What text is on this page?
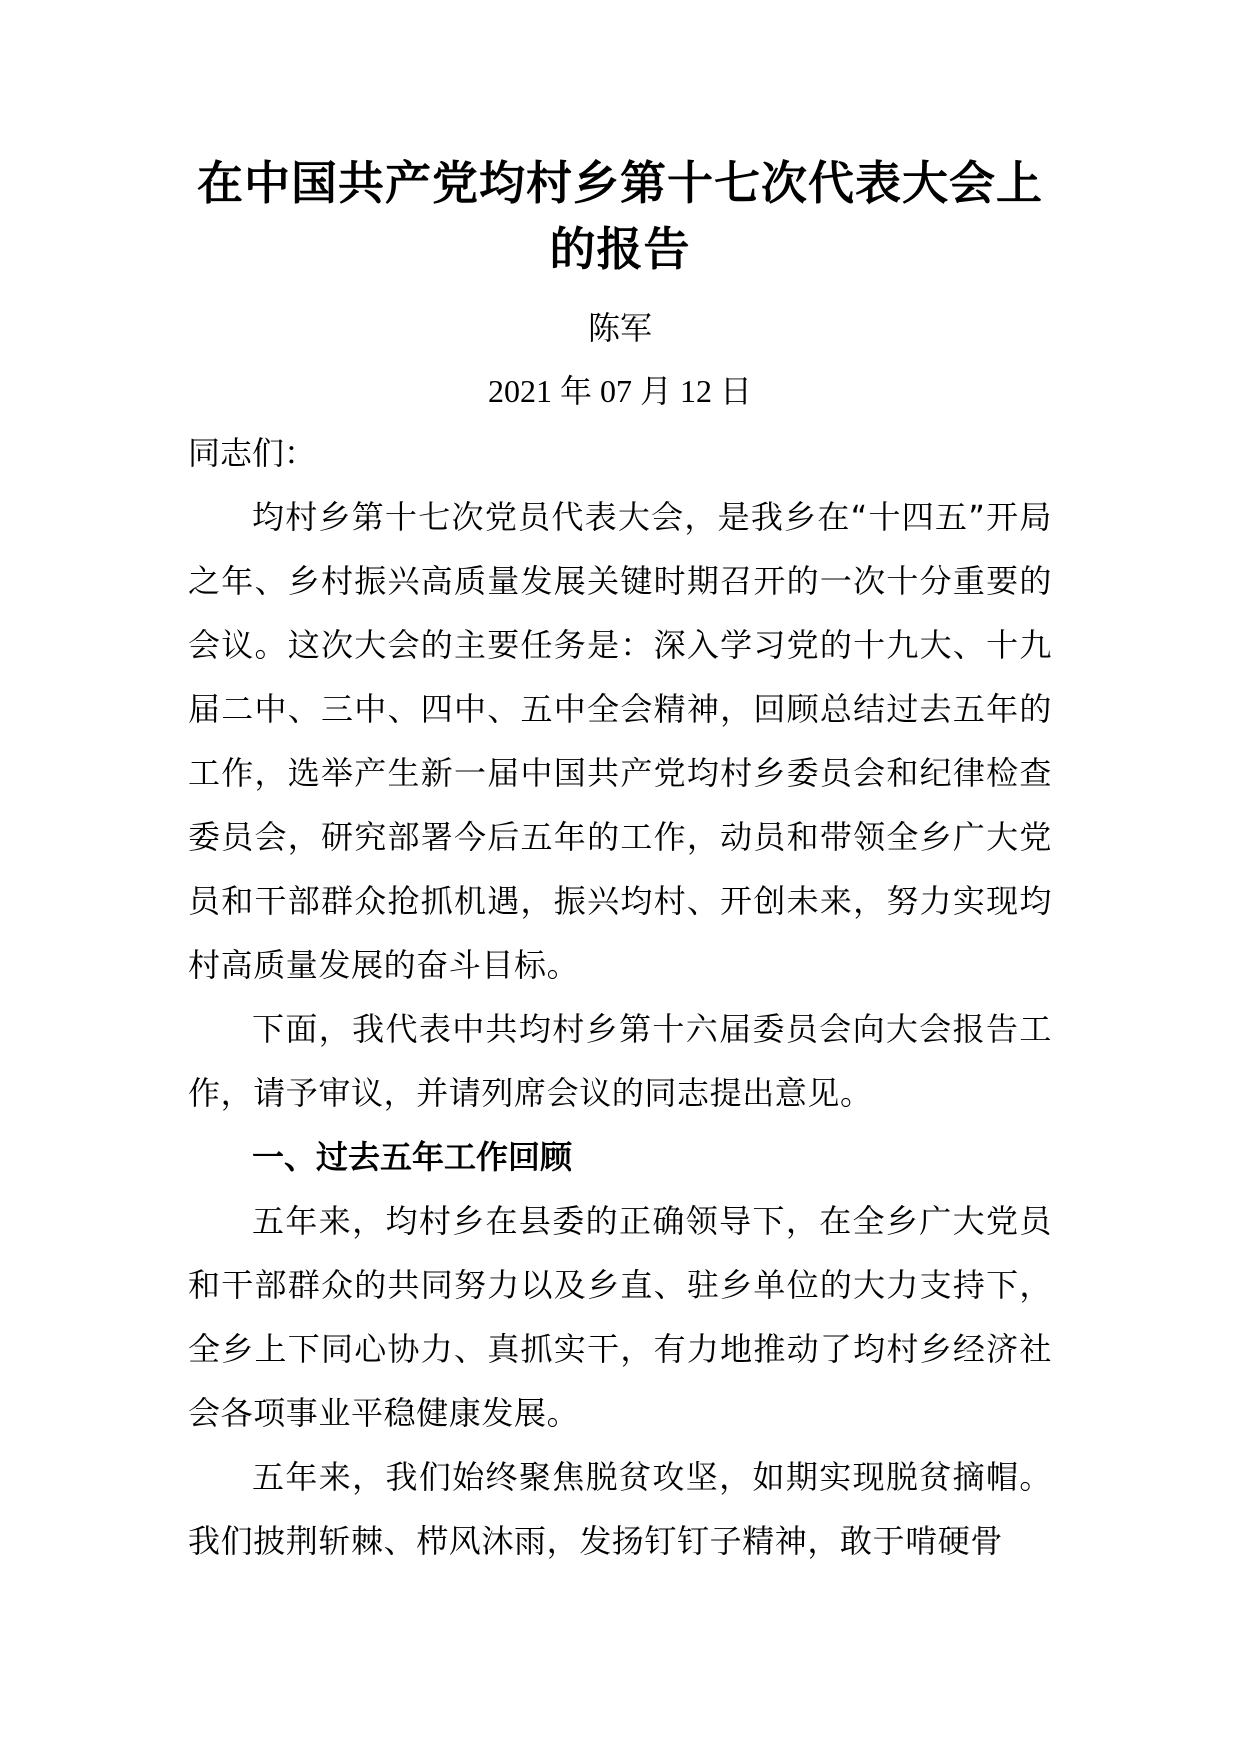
在中国共产党均村乡第十七次代表大会上
的报告
陈军
2021 年 07 月 12 日
同志们：

均村乡第十七次党员代表大会，是我乡在“十四五”开局之年、乡村振兴高质量发展关键时期召开的一次十分重要的会议。这次大会的主要任务是：深入学习党的十九大、十九届二中、三中、四中、五中全会精神，回顾总结过去五年的工作，选举产生新一届中国共产党均村乡委员会和纪律检查委员会，研究部署今后五年的工作，动员和带领全乡广大党员和干部群众抢抓机遇，振兴均村、开创未来，努力实现均村高质量发展的奋斗目标。

下面，我代表中共均村乡第十六届委员会向大会报告工作，请予审议，并请列席会议的同志提出意见。

一、过去五年工作回顾

五年来，均村乡在县委的正确领导下，在全乡广大党员和干部群众的共同努力以及乡直、驻乡单位的大力支持下，全乡上下同心协力、真抓实干，有力地推动了均村乡经济社会各项事业平稳健康发展。

五年来，我们始终聚焦脱贫攻坚，如期实现脱贫摘帽。我们披荆斩棘、栉风沐雨，发扬钉钉子精神，敢于啃硬骨
